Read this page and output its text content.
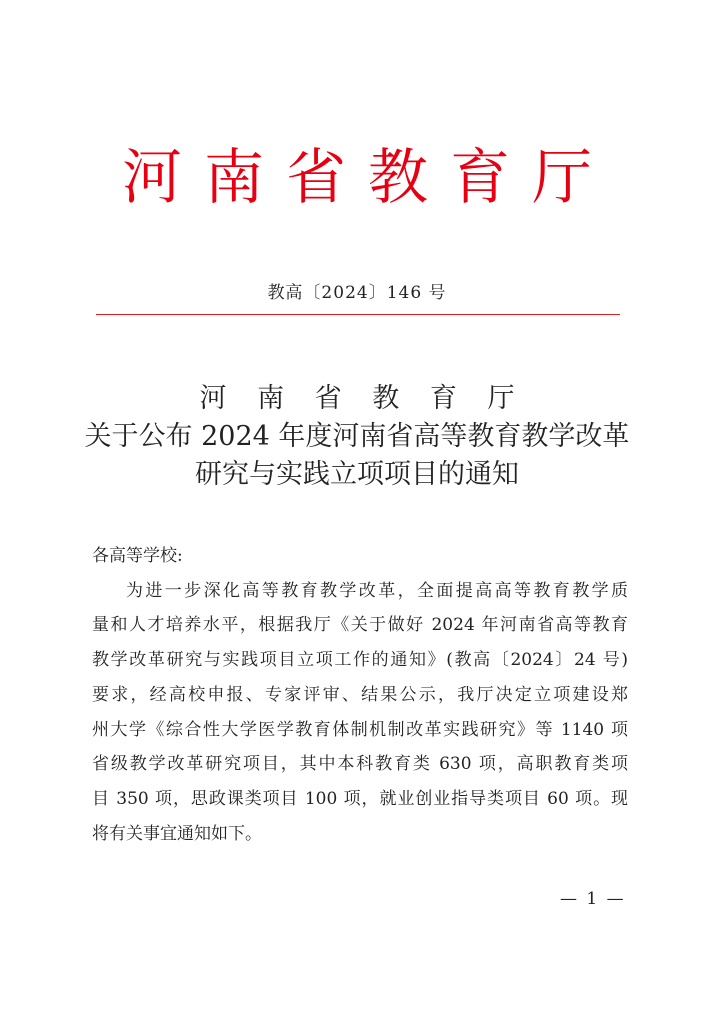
河南省教育厅
教高〔2024〕146 号
河 南 省 教 育 厅
关于公布 2024 年度河南省高等教育教学改革
研究与实践立项项目的通知
各高等学校:
为进一步深化高等教育教学改革，全面提高高等教育教学质
量和人才培养水平，根据我厅《关于做好 2024 年河南省高等教育
教学改革研究与实践项目立项工作的通知》(教高〔2024〕24 号)
要求，经高校申报、专家评审、结果公示，我厅决定立项建设郑
州大学《综合性大学医学教育体制机制改革实践研究》等 1140 项
省级教学改革研究项目，其中本科教育类 630 项，高职教育类项
目 350 项，思政课类项目 100 项，就业创业指导类项目 60 项。现
将有关事宜通知如下。
— 1 —
